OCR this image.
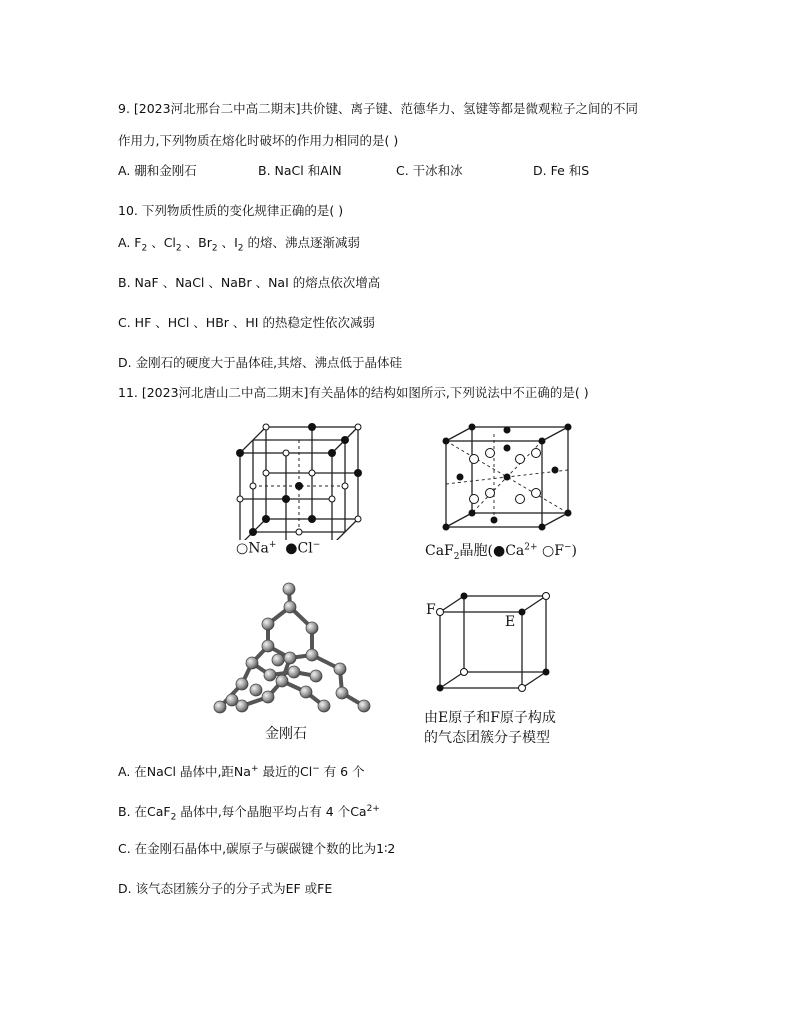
9. [2023河北邢台二中高二期末]共价键、离子键、范德华力、氢键等都是微观粒子之间的不同
作用力,下列物质在熔化时破坏的作用力相同的是( )
A. 硼和金刚石	B. NaCl 和AlN	C. 干冰和冰	D. Fe 和S
10. 下列物质性质的变化规律正确的是( )
A. $F_2$ 、$Cl_2$ 、$Br_2$ 、$I_2$ 的熔、沸点逐渐减弱
B. NaF 、NaCl 、NaBr 、NaI 的熔点依次增高
C. HF 、HCl 、HBr 、HI 的热稳定性依次减弱
D. 金刚石的硬度大于晶体硅,其熔、沸点低于晶体硅
11. [2023河北唐山二中高二期末]有关晶体的结构如图所示,下列说法中不正确的是( )
○Na+ ●Cl−	CaF$_2$晶胞($●Ca^{2+}$ ○F−)
金刚石
F
E
由E原子和F原子构成
的气态团簇分子模型
A. 在NaCl 晶体中,距Na+ 最近的Cl− 有 6 个
B. 在CaF$_2$ 晶体中,每个晶胞平均占有 4 个$Ca^{2+}$
C. 在金刚石晶体中,碳原子与碳碳键个数的比为1∶2
D. 该气态团簇分子的分子式为EF 或FE
